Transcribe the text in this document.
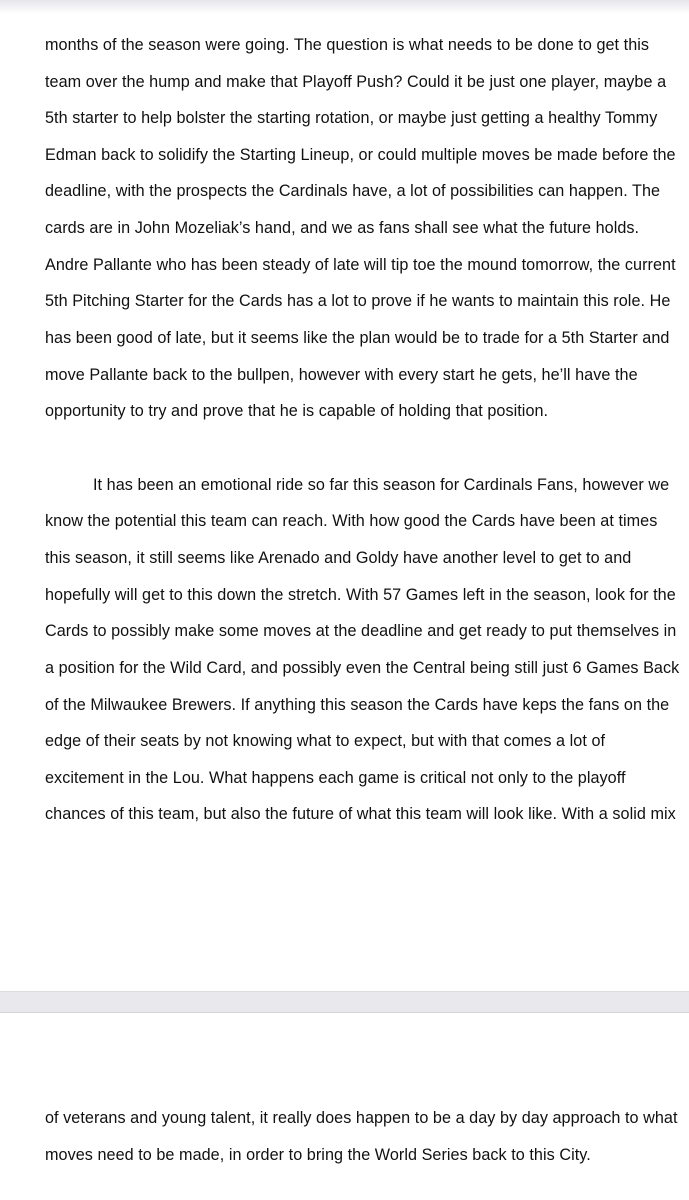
months of the season were going. The question is what needs to be done to get this
team over the hump and make that Playoff Push? Could it be just one player, maybe a
5th starter to help bolster the starting rotation, or maybe just getting a healthy Tommy
Edman back to solidify the Starting Lineup, or could multiple moves be made before the
deadline, with the prospects the Cardinals have, a lot of possibilities can happen. The
cards are in John Mozeliak’s hand, and we as fans shall see what the future holds.
Andre Pallante who has been steady of late will tip toe the mound tomorrow, the current
5th Pitching Starter for the Cards has a lot to prove if he wants to maintain this role. He
has been good of late, but it seems like the plan would be to trade for a 5th Starter and
move Pallante back to the bullpen, however with every start he gets, he’ll have the
opportunity to try and prove that he is capable of holding that position.
It has been an emotional ride so far this season for Cardinals Fans, however we
know the potential this team can reach. With how good the Cards have been at times
this season, it still seems like Arenado and Goldy have another level to get to and
hopefully will get to this down the stretch. With 57 Games left in the season, look for the
Cards to possibly make some moves at the deadline and get ready to put themselves in
a position for the Wild Card, and possibly even the Central being still just 6 Games Back
of the Milwaukee Brewers. If anything this season the Cards have keps the fans on the
edge of their seats by not knowing what to expect, but with that comes a lot of
excitement in the Lou. What happens each game is critical not only to the playoff
chances of this team, but also the future of what this team will look like. With a solid mix
of veterans and young talent, it really does happen to be a day by day approach to what
moves need to be made, in order to bring the World Series back to this City.
